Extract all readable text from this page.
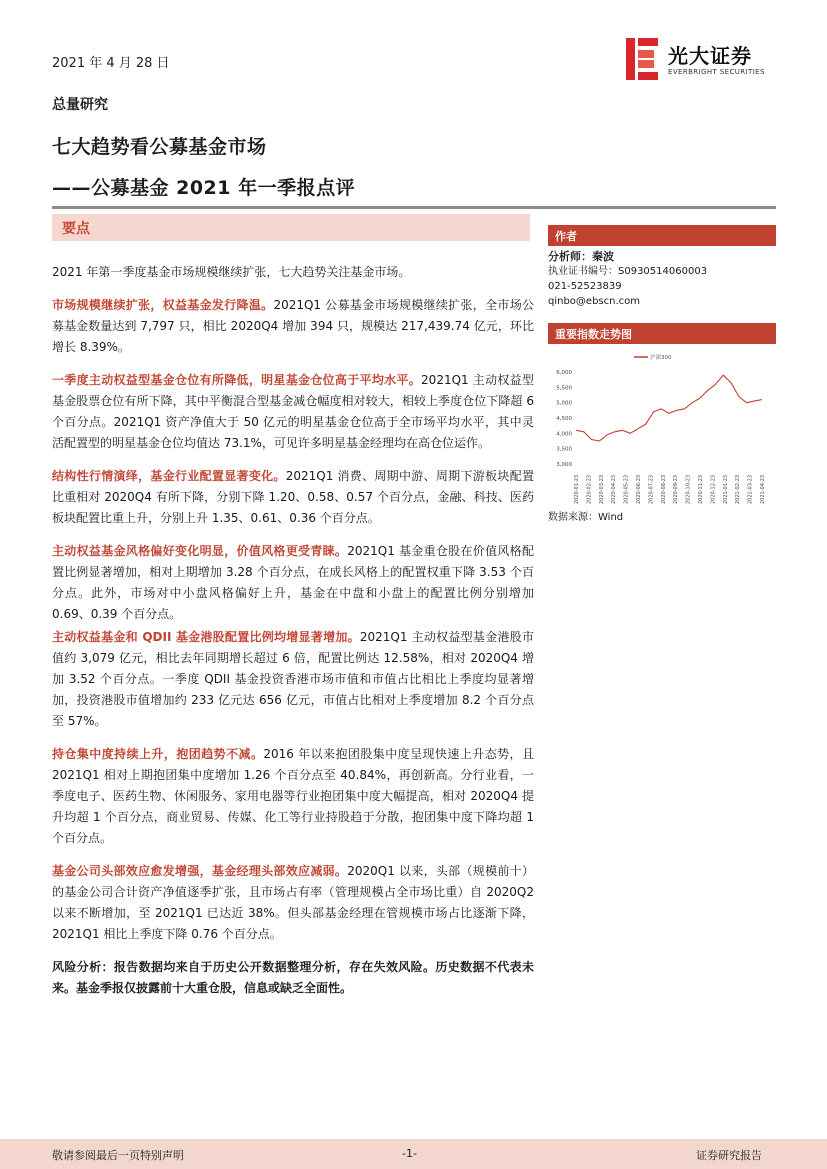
2021 年 4 月 28 日
总量研究
七大趋势看公募基金市场
——公募基金 2021 年一季报点评
光大证券
EVERBRIGHT SECURITIES
要点

2021 年第一季度基金市场规模继续扩张，七大趋势关注基金市场。

市场规模继续扩张，权益基金发行降温。2021Q1 公募基金市场规模继续扩张，全市场公募基金数量达到 7,797 只，相比 2020Q4 增加 394 只，规模达 217,439.74 亿元，环比增长 8.39%。

一季度主动权益型基金仓位有所降低，明星基金仓位高于平均水平。2021Q1 主动权益型基金股票仓位有所下降，其中平衡混合型基金减仓幅度相对较大，相较上季度仓位下降超 6 个百分点。2021Q1 资产净值大于 50 亿元的明星基金仓位高于全市场平均水平，其中灵活配置型的明星基金仓位均值达 73.1%，可见许多明星基金经理均在高仓位运作。

结构性行情演绎，基金行业配置显著变化。2021Q1 消费、周期中游、周期下游板块配置比重相对 2020Q4 有所下降，分别下降 1.20、0.58、0.57 个百分点，金融、科技、医药板块配置比重上升，分别上升 1.35、0.61、0.36 个百分点。

主动权益基金风格偏好变化明显，价值风格更受青睐。2021Q1 基金重仓股在价值风格配置比例显著增加，相对上期增加 3.28 个百分点，在成长风格上的配置权重下降 3.53 个百分点。此外，市场对中小盘风格偏好上升，基金在中盘和小盘上的配置比例分别增加 0.69、0.39 个百分点。

主动权益基金和 QDII 基金港股配置比例均增显著增加。2021Q1 主动权益型基金港股市值约 3,079 亿元，相比去年同期增长超过 6 倍，配置比例达 12.58%，相对 2020Q4 增加 3.52 个百分点。一季度 QDII 基金投资香港市场市值和市值占比相比上季度均显著增加，投资港股市值增加约 233 亿元达 656 亿元，市值占比相对上季度增加 8.2 个百分点至 57%。

持仓集中度持续上升，抱团趋势不减。2016 年以来抱团股集中度呈现快速上升态势，且 2021Q1 相对上期抱团集中度增加 1.26 个百分点至 40.84%，再创新高。分行业看，一季度电子、医药生物、休闲服务、家用电器等行业抱团集中度大幅提高，相对 2020Q4 提升均超 1 个百分点，商业贸易、传媒、化工等行业持股趋于分散，抱团集中度下降均超 1 个百分点。

基金公司头部效应愈发增强，基金经理头部效应减弱。2020Q1 以来，头部（规模前十）的基金公司合计资产净值逐季扩张，且市场占有率（管理规模占全市场比重）自 2020Q2 以来不断增加，至 2021Q1 已达近 38%。但头部基金经理在管规模市场占比逐渐下降，2021Q1 相比上季度下降 0.76 个百分点。

风险分析：报告数据均来自于历史公开数据整理分析，存在失效风险。历史数据不代表未来。基金季报仅披露前十大重仓股，信息或缺乏全面性。

作者
分析师：秦波
执业证书编号：S0930514060003
021-52523839
qinbo@ebscn.com
重要指数走势图
6,000
5,500
5,000
4,500
4,000
3,500
3,000
2020-01-23 2020-02-23 2020-03-23 2020-04-23 2020-05-23 2020-06-23 2020-07-23 2020-08-23 2020-09-23 2020-10-23 2020-11-23 2020-12-23 2021-01-23 2021-02-23 2021-03-23 2021-04-23
沪深300
数据来源：Wind
敬请参阅最后一页特别声明	-1-	证券研究报告
